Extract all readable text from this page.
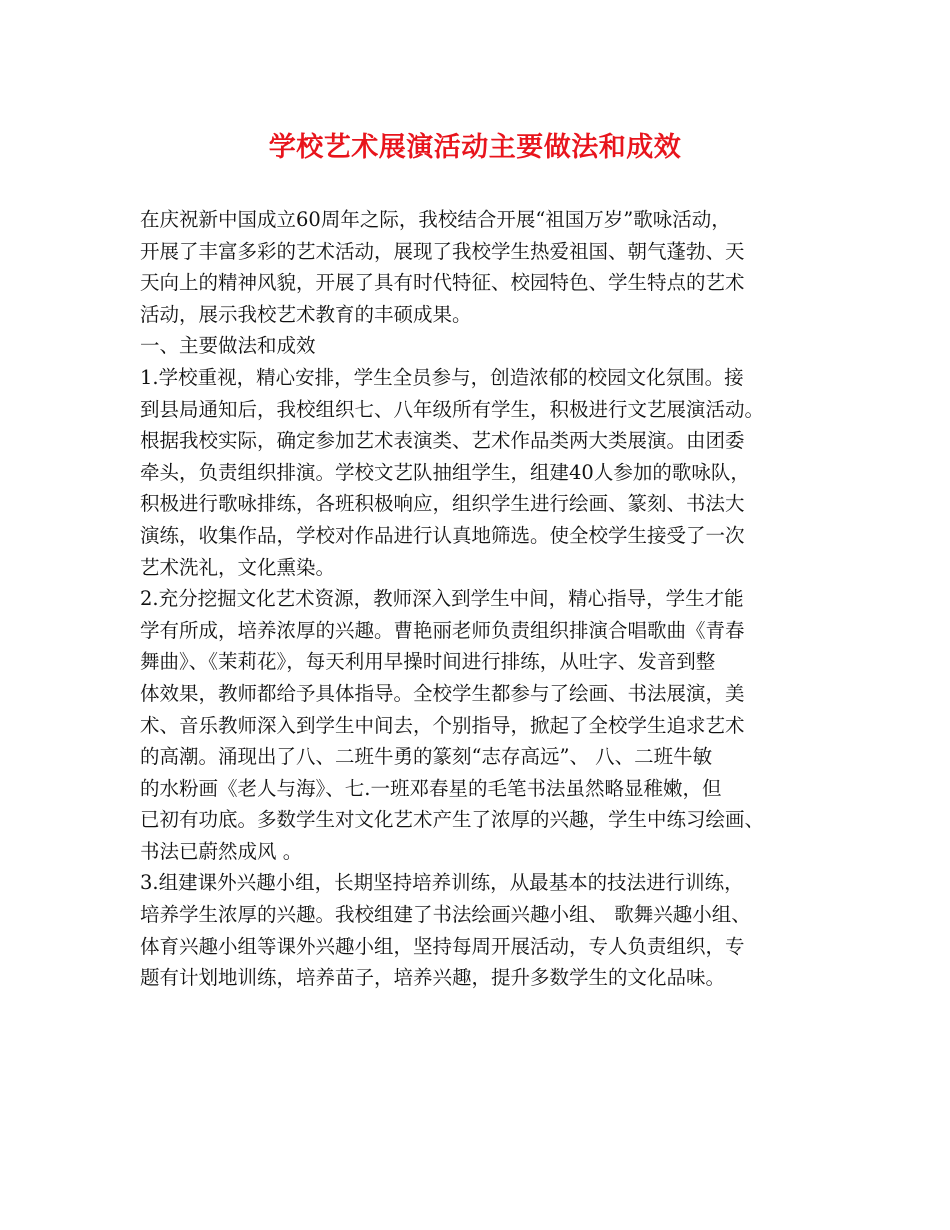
学校艺术展演活动主要做法和成效
在庆祝新中国成立60周年之际，我校结合开展“祖国万岁”歌咏活动，
开展了丰富多彩的艺术活动，展现了我校学生热爱祖国、朝气蓬勃、天
天向上的精神风貌，开展了具有时代特征、校园特色、学生特点的艺术
活动，展示我校艺术教育的丰硕成果。
一、主要做法和成效
1.学校重视，精心安排，学生全员参与，创造浓郁的校园文化氛围。接
到县局通知后，我校组织七、八年级所有学生，积极进行文艺展演活动。
根据我校实际，确定参加艺术表演类、艺术作品类两大类展演。由团委
牵头，负责组织排演。学校文艺队抽组学生，组建40人参加的歌咏队，
积极进行歌咏排练，各班积极响应，组织学生进行绘画、篆刻、书法大
演练，收集作品，学校对作品进行认真地筛选。使全校学生接受了一次
艺术洗礼，文化熏染。
2.充分挖掘文化艺术资源，教师深入到学生中间，精心指导，学生才能
学有所成，培养浓厚的兴趣。曹艳丽老师负责组织排演合唱歌曲《青春
舞曲》、《茉莉花》，每天利用早操时间进行排练，从吐字、发音到整
体效果，教师都给予具体指导。全校学生都参与了绘画、书法展演，美
术、音乐教师深入到学生中间去，个别指导，掀起了全校学生追求艺术
的高潮。涌现出了八、二班牛勇的篆刻“志存高远”、 八、二班牛敏
的水粉画《老人与海》、七.一班邓春星的毛笔书法虽然略显稚嫩，但
已初有功底。多数学生对文化艺术产生了浓厚的兴趣，学生中练习绘画、
书法已蔚然成风 。
3.组建课外兴趣小组，长期坚持培养训练，从最基本的技法进行训练，
培养学生浓厚的兴趣。我校组建了书法绘画兴趣小组、 歌舞兴趣小组、
体育兴趣小组等课外兴趣小组，坚持每周开展活动，专人负责组织，专
题有计划地训练，培养苗子，培养兴趣，提升多数学生的文化品味。
